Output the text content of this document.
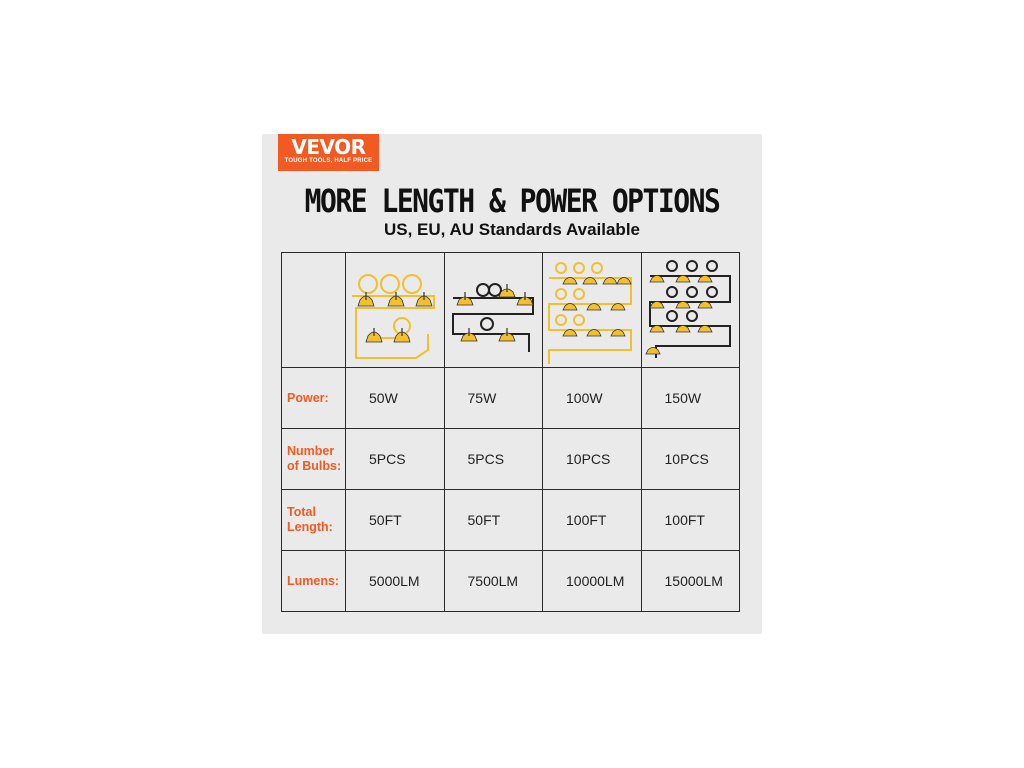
VEVOR
TOUGH TOOLS, HALF PRICE
MORE LENGTH & POWER OPTIONS
US, EU, AU Standards Available

Power:	50W	75W	100W	150W
Number of Bulbs:	5PCS	5PCS	10PCS	10PCS
Total Length:	50FT	50FT	100FT	100FT
Lumens:	5000LM	7500LM	10000LM	15000LM
